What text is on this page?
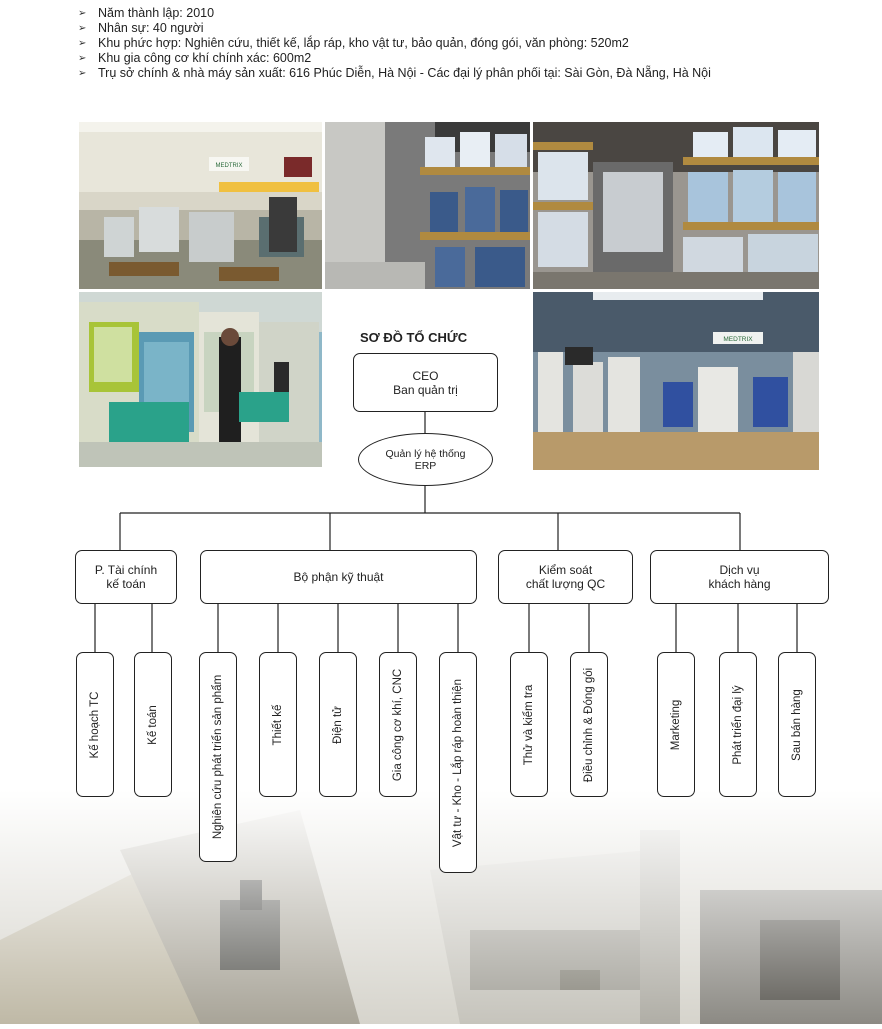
➢ Năm thành lập: 2010
➢ Nhân sự: 40 người
➢ Khu phức hợp: Nghiên cứu, thiết kế, lắp ráp, kho vật tư, bảo quản, đóng gói, văn phòng: 520m2
➢ Khu gia công cơ khí chính xác: 600m2
➢ Trụ sở chính & nhà máy sản xuất: 616 Phúc Diễn, Hà Nội - Các đại lý phân phối tại: Sài Gòn, Đà Nẵng, Hà Nội
MEDTRIX
MEDTRIX
SƠ ĐỒ TỔ CHỨC
CEO
Ban quản trị
Quản lý hệ thống
ERP
P. Tài chính
kế toán	Bộ phận kỹ thuật	Kiểm soát
chất lượng QC
Dịch vụ
khách hàng
Kế hoạch TC	Kế toán	Nghiên cứu phát triển sản phẩm	Thiết kế	Điện tử	Gia công cơ khí, CNC	Vật tư - Kho - Lắp ráp hoàn thiện	Thử và kiểm tra	Điều chỉnh & Đóng gói	Marketing	Phát triển đại lý	Sau bán hàng
